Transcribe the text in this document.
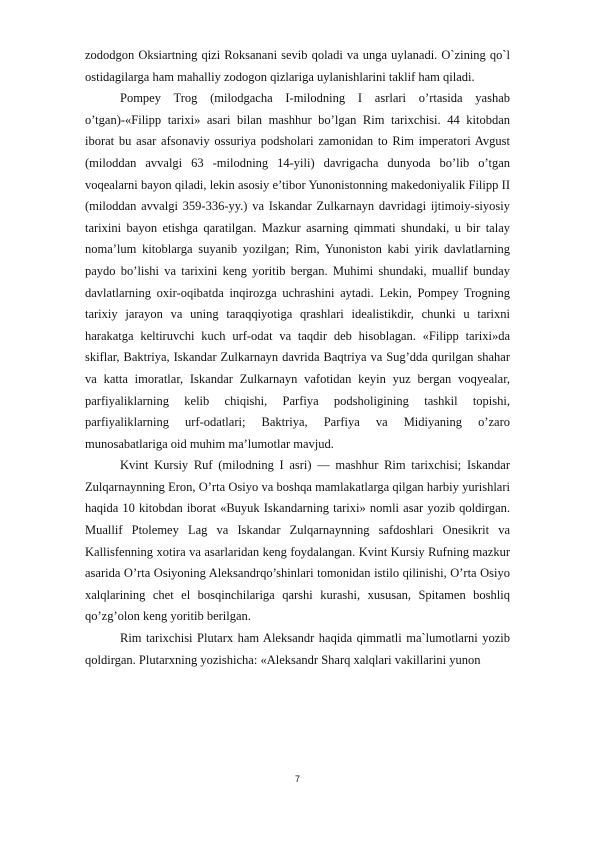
zododgon Oksiartning qizi Roksanani sevib qoladi va unga uylanadi. O`zining qo`l ostidagilarga ham mahalliy zodogon qizlariga uylanishlarini taklif ham qiladi.

Pompey Trog (milodgacha I-milodning I asrlari o’rtasida yashab o’tgan)-«Filipp tarixi» asari bilan mashhur bo’lgan Rim tarixchisi. 44 kitobdan iborat bu asar afsonaviy ossuriya podsholari zamonidan to Rim imperatori Avgust (miloddan avvalgi 63 -milodning 14-yili) davrigacha dunyoda bo’lib o’tgan voqealarni bayon qiladi, lekin asosiy e’tibor Yunonistonning makedoniyalik Filipp II (miloddan avvalgi 359-336-yy.) va Iskandar Zulkarnayn davridagi ijtimoiy-siyosiy tarixini bayon etishga qaratilgan. Mazkur asarning qimmati shundaki, u bir talay noma’lum kitoblarga suyanib yozilgan; Rim, Yunoniston kabi yirik davlatlarning paydo bo’lishi va tarixini keng yoritib bergan. Muhimi shundaki, muallif bunday davlatlarning oxir-oqibatda inqirozga uchrashini aytadi. Lekin, Pompey Trogning tarixiy jarayon va uning taraqqiyotiga qrashlari idealistikdir, chunki u tarixni harakatga keltiruvchi kuch urf-odat va taqdir deb hisoblagan. «Filipp tarixi»da skiflar, Baktriya, Iskandar Zulkarnayn davrida Baqtriya va Sug’dda qurilgan shahar va katta imoratlar, Iskandar Zulkarnayn vafotidan keyin yuz bergan voqyealar, parfiyaliklarning kelib chiqishi, Parfiya podsholigining tashkil topishi, parfiyaliklarning urf-odatlari; Baktriya, Parfiya va Midiyaning o’zaro munosabatlariga oid muhim ma’lumotlar mavjud.

Kvint Kursiy Ruf (milodning I asri) — mashhur Rim tarixchisi; Iskandar Zulqarnaynning Eron, O’rta Osiyo va boshqa mamlakatlarga qilgan harbiy yurishlari haqida 10 kitobdan iborat «Buyuk Iskandarning tarixi» nomli asar yozib qoldirgan. Muallif Ptolemey Lag va Iskandar Zulqarnaynning safdoshlari Onesikrit va Kallisfenning xotira va asarlaridan keng foydalangan. Kvint Kursiy Rufning mazkur asarida O’rta Osiyoning Aleksandrqo’shinlari tomonidan istilo qilinishi, O’rta Osiyo xalqlarining chet el bosqinchilariga qarshi kurashi, xususan, Spitamen boshliq qo’zg’olon keng yoritib berilgan.

Rim tarixchisi Plutarx ham Aleksandr haqida qimmatli ma`lumotlarni yozib qoldirgan. Plutarxning yozishicha: «Aleksandr Sharq xalqlari vakillarini yunon

7
